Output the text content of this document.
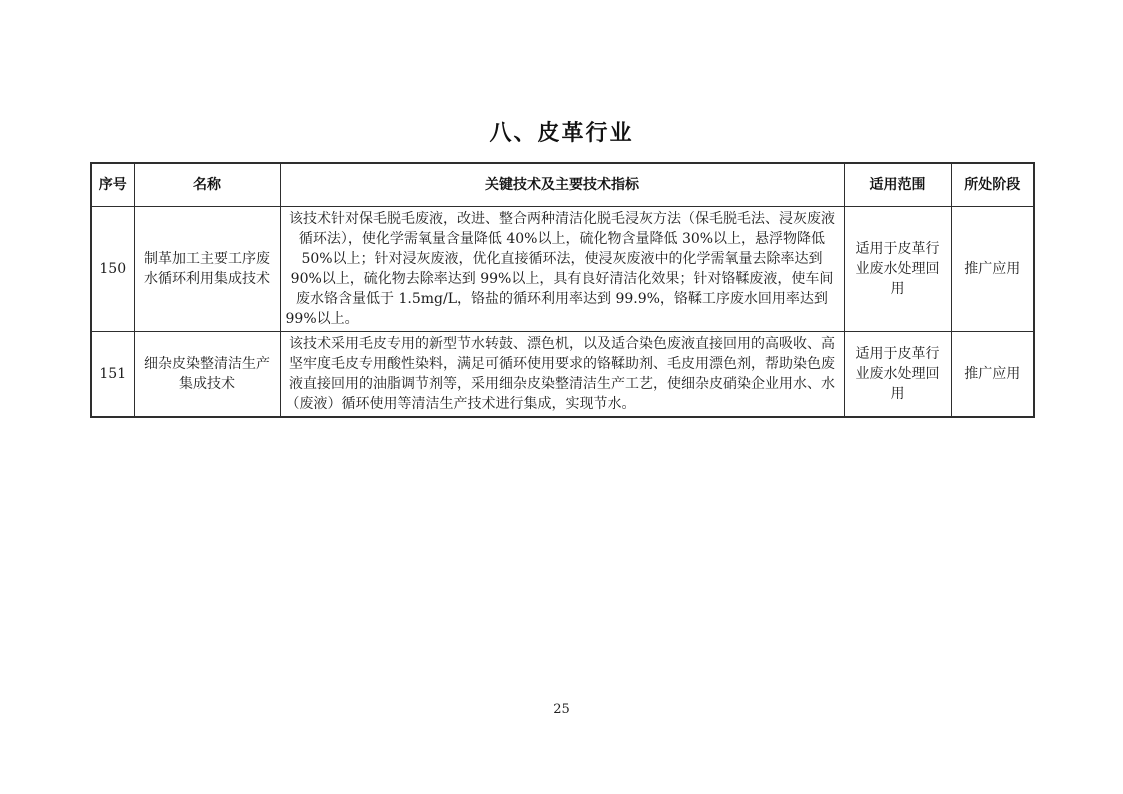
八、皮革行业
序号	名称	关键技术及主要技术指标	适用范围	所处阶段
150	制革加工主要工序废水循环利用集成技术	该技术针对保毛脱毛废液，改进、整合两种清洁化脱毛浸灰方法（保毛脱毛法、浸灰废液循环法），使化学需氧量含量降低 40%以上，硫化物含量降低 30%以上，悬浮物降低 50%以上；针对浸灰废液，优化直接循环法，使浸灰废液中的化学需氧量去除率达到 90%以上，硫化物去除率达到 99%以上，具有良好清洁化效果；针对铬鞣废液，使车间废水铬含量低于 1.5mg/L，铬盐的循环利用率达到 99.9%，铬鞣工序废水回用率达到 99%以上。	适用于皮革行业废水处理回用	推广应用
151	细杂皮染整清洁生产集成技术	该技术采用毛皮专用的新型节水转鼓、漂色机，以及适合染色废液直接回用的高吸收、高坚牢度毛皮专用酸性染料，满足可循环使用要求的铬鞣助剂、毛皮用漂色剂，帮助染色废液直接回用的油脂调节剂等，采用细杂皮染整清洁生产工艺，使细杂皮硝染企业用水、水（废液）循环使用等清洁生产技术进行集成，实现节水。	适用于皮革行业废水处理回用	推广应用
25
